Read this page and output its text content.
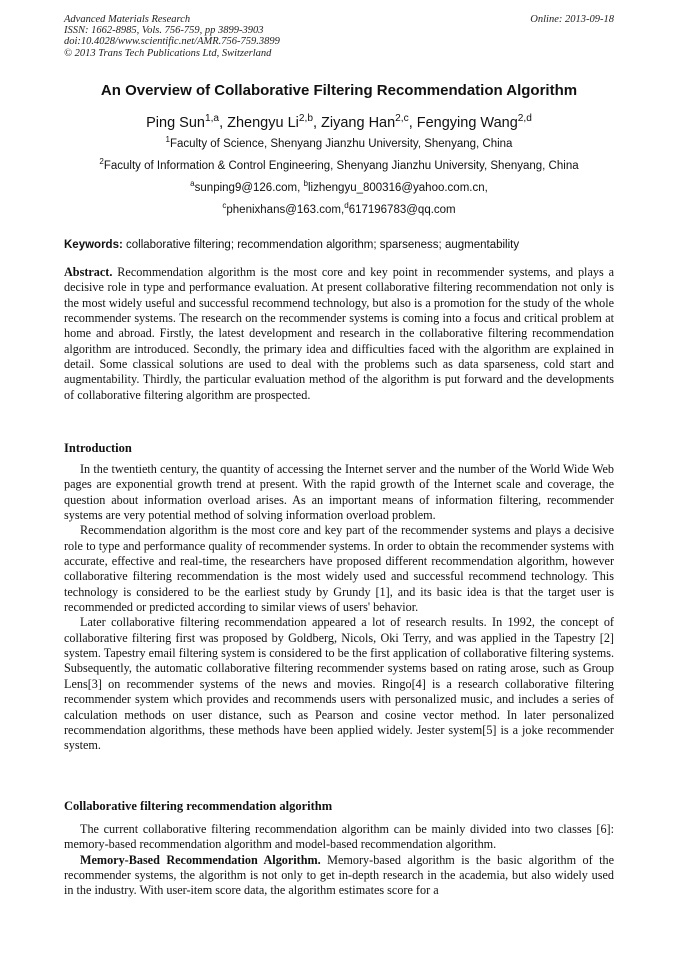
Advanced Materials Research
ISSN: 1662-8985, Vols. 756-759, pp 3899-3903
doi:10.4028/www.scientific.net/AMR.756-759.3899
© 2013 Trans Tech Publications Ltd, Switzerland
Online: 2013-09-18
An Overview of Collaborative Filtering Recommendation Algorithm
Ping Sun$^{1,a}$, Zhengyu Li$^{2,b}$, Ziyang Han$^{2,c}$, Fengying Wang$^{2,d}$
$^1$Faculty of Science, Shenyang Jianzhu University, Shenyang, China
$^2$Faculty of Information & Control Engineering, Shenyang Jianzhu University, Shenyang, China
$^a$sunping9@126.com, $^b$lizhengyu_800316@yahoo.com.cn,
$^c$phenixhans@163.com,$^d$617196783@qq.com
Keywords: collaborative filtering; recommendation algorithm; sparseness; augmentability

Abstract. Recommendation algorithm is the most core and key point in recommender systems, and plays a decisive role in type and performance evaluation. At present collaborative filtering recommendation not only is the most widely useful and successful recommend technology, but also is a promotion for the study of the whole recommender systems. The research on the recommender systems is coming into a focus and critical problem at home and abroad. Firstly, the latest development and research in the collaborative filtering recommendation algorithm are introduced. Secondly, the primary idea and difficulties faced with the algorithm are explained in detail. Some classical solutions are used to deal with the problems such as data sparseness, cold start and augmentability. Thirdly, the particular evaluation method of the algorithm is put forward and the developments of collaborative filtering algorithm are prospected.

Introduction

In the twentieth century, the quantity of accessing the Internet server and the number of the World Wide Web pages are exponential growth trend at present. With the rapid growth of the Internet scale and coverage, the question about information overload arises. As an important means of information filtering, recommender systems are very potential method of solving information overload problem.

Recommendation algorithm is the most core and key part of the recommender systems and plays a decisive role to type and performance quality of recommender systems. In order to obtain the recommender systems with accurate, effective and real-time, the researchers have proposed different recommendation algorithm, however collaborative filtering recommendation is the most widely used and successful recommend technology. This technology is considered to be the earliest study by Grundy [1], and its basic idea is that the target user is recommended or predicted according to similar views of users' behavior.

Later collaborative filtering recommendation appeared a lot of research results. In 1992, the concept of collaborative filtering first was proposed by Goldberg, Nicols, Oki Terry, and was applied in the Tapestry [2] system. Tapestry email filtering system is considered to be the first application of collaborative filtering systems. Subsequently, the automatic collaborative filtering recommender systems based on rating arose, such as Group Lens[3] on recommender systems of the news and movies. Ringo[4] is a research collaborative filtering recommender system which provides and recommends users with personalized music, and includes a series of calculation methods on user distance, such as Pearson and cosine vector method. In later personalized recommendation algorithms, these methods have been applied widely. Jester system[5] is a joke recommender system.

Collaborative filtering recommendation algorithm

The current collaborative filtering recommendation algorithm can be mainly divided into two classes [6]: memory-based recommendation algorithm and model-based recommendation algorithm.

Memory-Based Recommendation Algorithm. Memory-based algorithm is the basic algorithm of the recommender systems, the algorithm is not only to get in-depth research in the academia, but also widely used in the industry. With user-item score data, the algorithm estimates score for a
